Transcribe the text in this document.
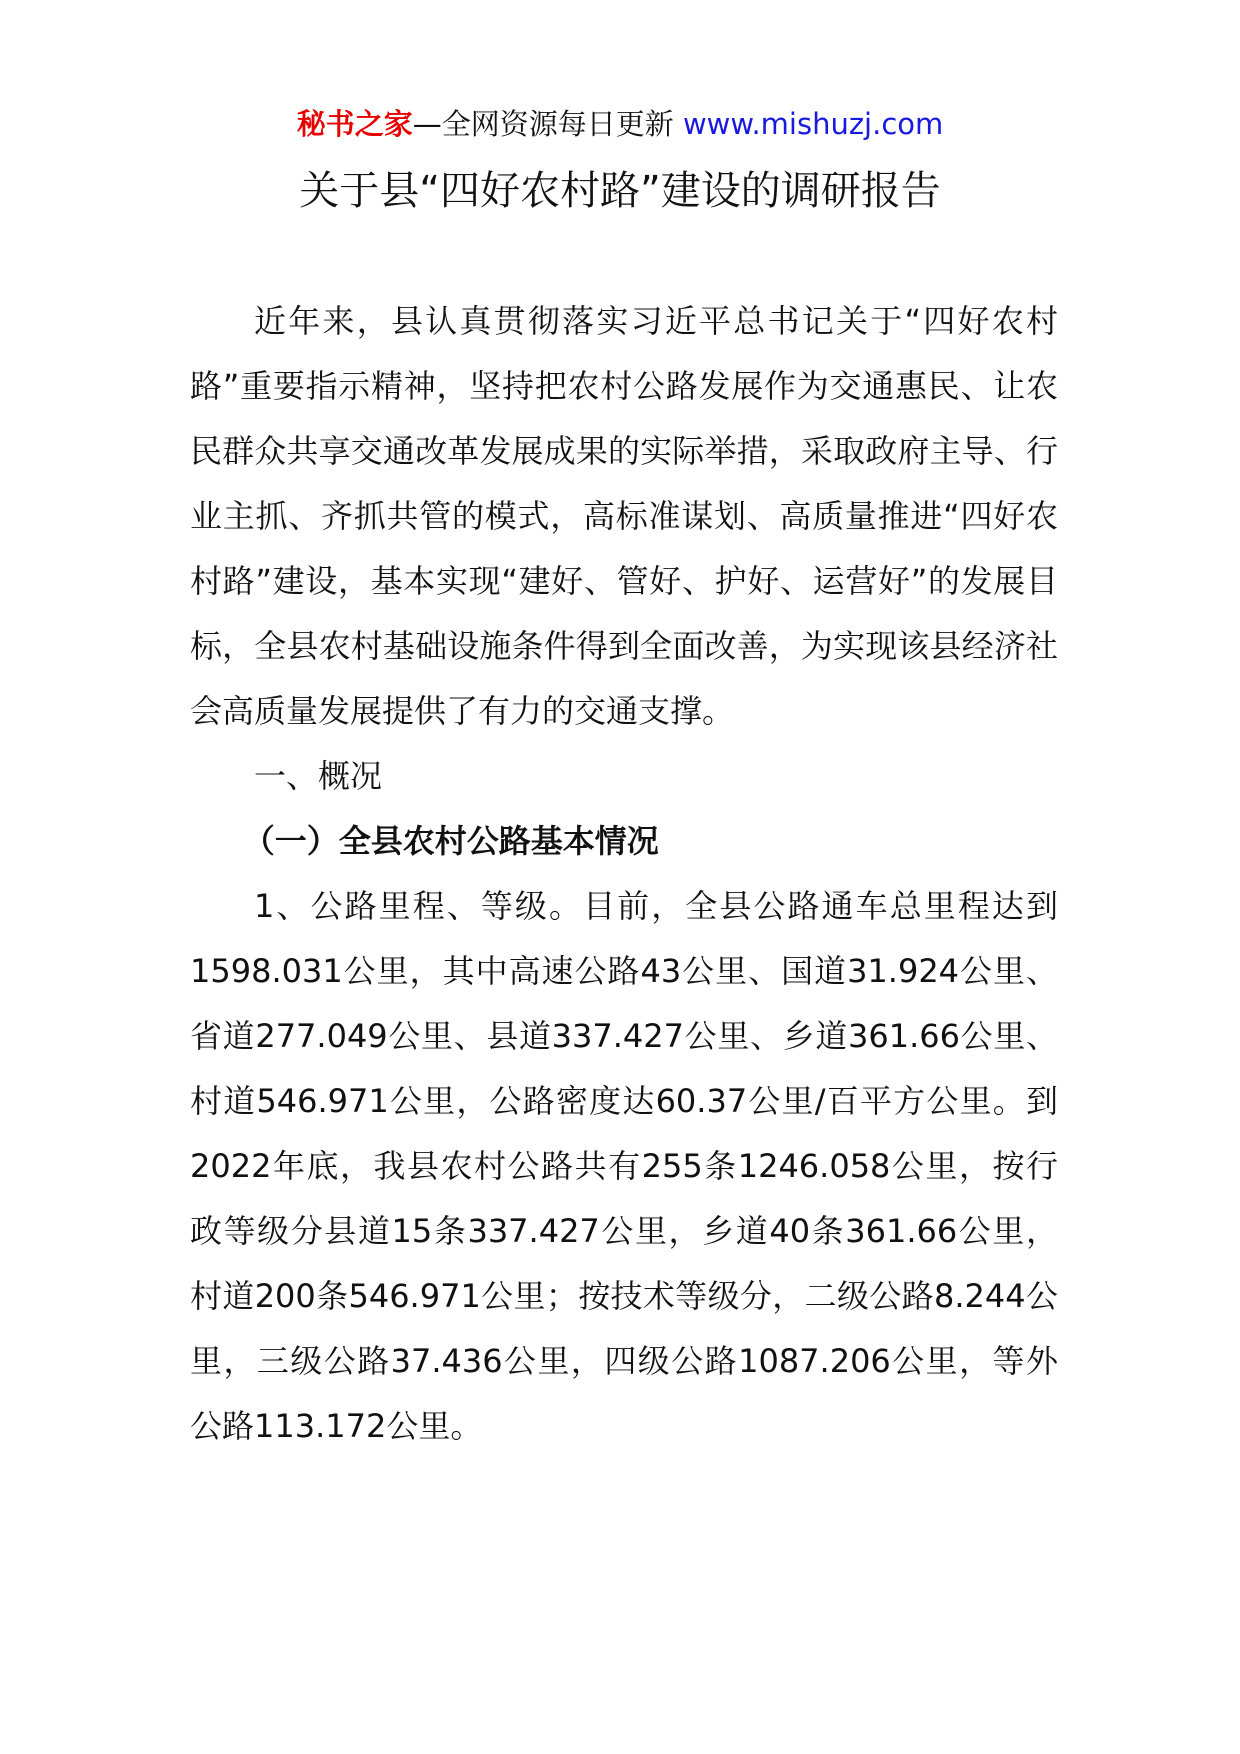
秘书之家—全网资源每日更新 www.mishuzj.com
关于县“四好农村路”建设的调研报告

近年来，县认真贯彻落实习近平总书记关于“四好农村路”重要指示精神，坚持把农村公路发展作为交通惠民、让农民群众共享交通改革发展成果的实际举措，采取政府主导、行业主抓、齐抓共管的模式，高标准谋划、高质量推进“四好农村路”建设，基本实现“建好、管好、护好、运营好”的发展目标，全县农村基础设施条件得到全面改善，为实现该县经济社会高质量发展提供了有力的交通支撑。

一、概况

（一）全县农村公路基本情况

1、公路里程、等级。目前，全县公路通车总里程达到1598.031公里，其中高速公路43公里、国道31.924公里、省道277.049公里、县道337.427公里、乡道361.66公里、村道546.971公里，公路密度达60.37公里/百平方公里。到2022年底，我县农村公路共有255条1246.058公里，按行政等级分县道15条337.427公里，乡道40条361.66公里，村道200条546.971公里；按技术等级分，二级公路8.244公里，三级公路37.436公里，四级公路1087.206公里，等外公路113.172公里。
